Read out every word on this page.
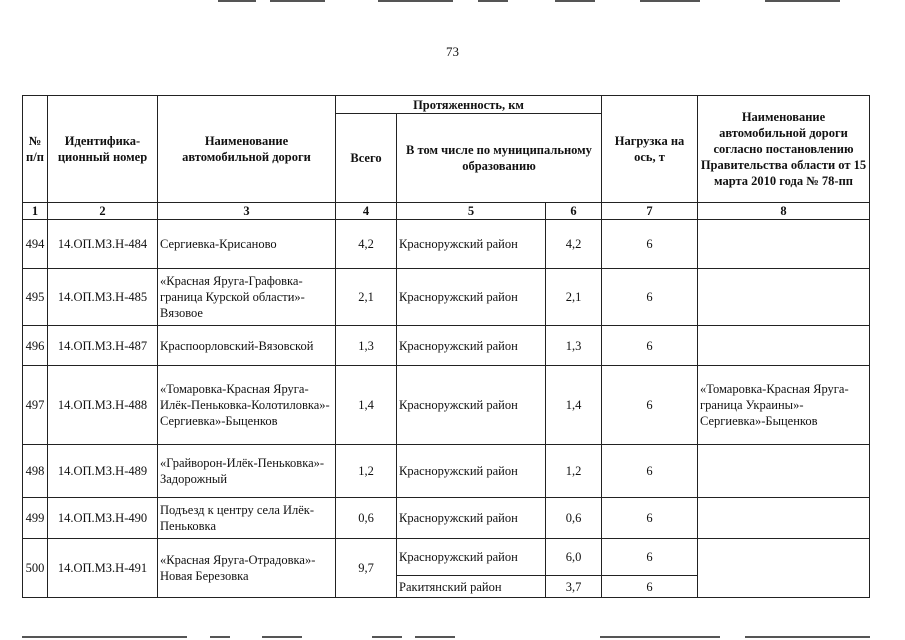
73
№ п/п	Идентифика-ционный номер	Наименование автомобильной дороги	Протяженность, км			Нагрузка на ось, т	Наименование автомобильной дороги согласно постановлению Правительства области от 15 марта 2010 года № 78-пп
			Всего	В том числе по муниципальному образованию			
1	2	3	4	5	6	7	8
494	14.ОП.МЗ.Н-484	Сергиевка-Крисаново	4,2	Красноружский район	4,2	6	
495	14.ОП.МЗ.Н-485	«Красная Яруга-Графовка-граница Курской области»-Вязовое	2,1	Красноружский район	2,1	6	
496	14.ОП.МЗ.Н-487	Краспоорловский-Вязовской	1,3	Красноружский район	1,3	6	
497	14.ОП.МЗ.Н-488	«Томаровка-Красная Яруга-Илёк-Пеньковка-Колотиловка»-Сергиевка»-Быценков	1,4	Красноружский район	1,4	6	«Томаровка-Красная Яруга-граница Украины»-Сергиевка»-Быценков
498	14.ОП.МЗ.Н-489	«Грайворон-Илёк-Пеньковка»-Задорожный	1,2	Красноружский район	1,2	6	
499	14.ОП.МЗ.Н-490	Подъезд к центру села Илёк-Пеньковка	0,6	Красноружский район	0,6	6	
500	14.ОП.МЗ.Н-491	«Красная Яруга-Отрадовка»-Новая Березовка	9,7	Красноружский район	6,0	6	
				Ракитянский район	3,7	6	
